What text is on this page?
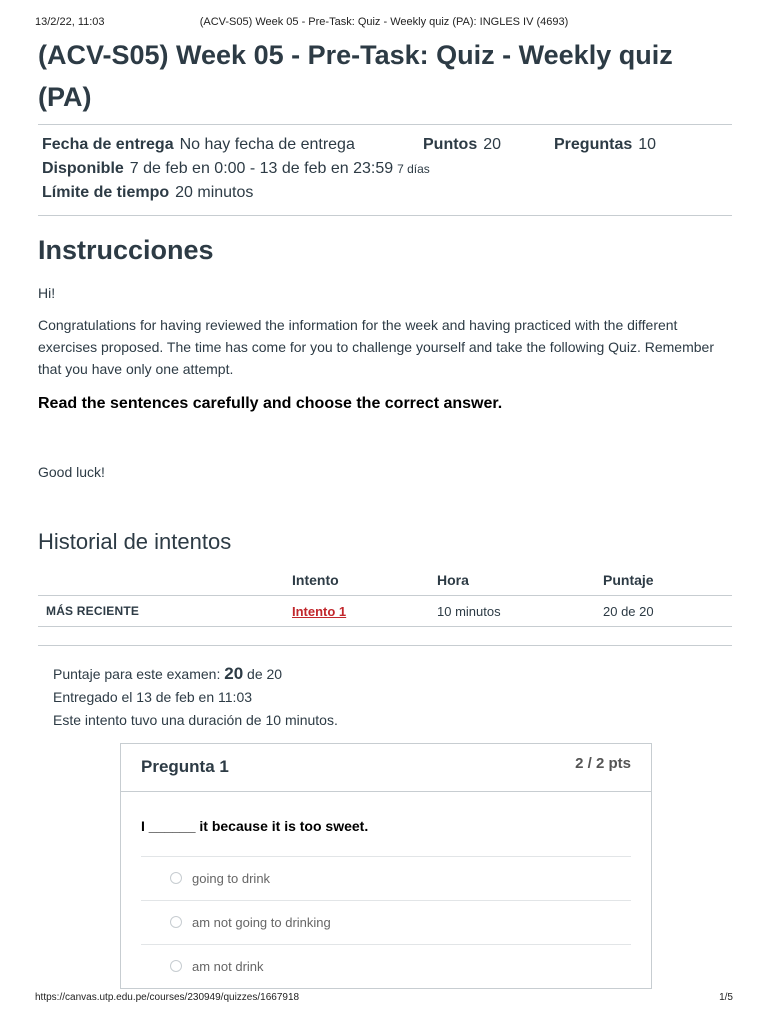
13/2/22, 11:03	(ACV-S05) Week 05 - Pre-Task: Quiz - Weekly quiz (PA): INGLES IV (4693)
(ACV-S05) Week 05 - Pre-Task: Quiz - Weekly quiz (PA)
Fecha de entrega No hay fecha de entrega	Puntos 20	Preguntas 10
Disponible 7 de feb en 0:00 - 13 de feb en 23:59 7 días
Límite de tiempo 20 minutos
Instrucciones

Hi!

Congratulations for having reviewed the information for the week and having practiced with the different exercises proposed. The time has come for you to challenge yourself and take the following Quiz. Remember that you have only one attempt.

Read the sentences carefully and choose the correct answer.

Good luck!

Historial de intentos
	Intento	Hora	Puntaje
MÁS RECIENTE	Intento 1	10 minutos	20 de 20
Puntaje para este examen: 20 de 20
Entregado el 13 de feb en 11:03
Este intento tuvo una duración de 10 minutos.
Pregunta 1	2 / 2 pts

I ______ it because it is too sweet.

going to drink
am not going to drinking
am not drink
https://canvas.utp.edu.pe/courses/230949/quizzes/1667918	1/5
